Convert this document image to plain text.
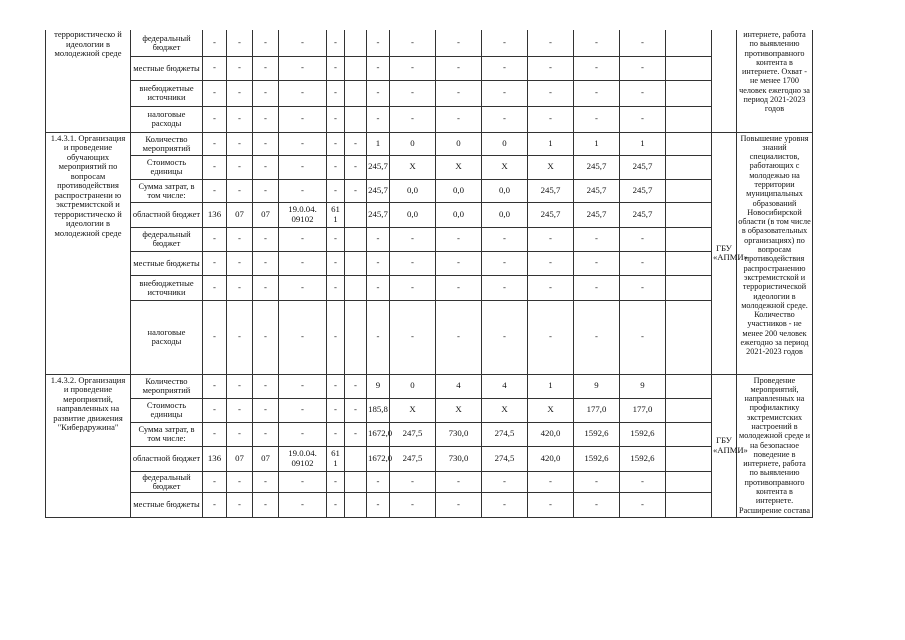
террористическо й идеологии в молодежной среде	федеральный бюджет	-	-	-	-	-		-	-	-	-	-	-	-			интернете, работа по выявлению противоправного контента в интернете. Охват - не менее 1700 человек ежегодно за период 2021-2023 годов
	местные бюджеты	-	-	-	-	-		-	-	-	-	-	-	-			
	внебюджетные источники	-	-	-	-	-		-	-	-	-	-	-	-			
	налоговые расходы	-	-	-	-	-		-	-	-	-	-	-	-			
1.4.3.1. Организация и проведение обучающих мероприятий по вопросам противодействия распространени ю экстремистской и террористическо й идеологии в молодежной среде	Количество мероприятий	-	-	-	-	-	-	1	0	0	0	1	1	1		ГБУ «АПМИ»	Повышение уровня знаний специалистов, работающих с молодежью на территории муниципальных образований Новосибирской области (в том числе в образовательных организациях) по вопросам противодействия распространению экстремистской и террористической идеологии в молодежной среде. Количество участников - не менее 200 человек ежегодно за период 2021-2023 годов
	Стоимость единицы	-	-	-	-	-	-	245,7	X	X	X	X	245,7	245,7			
	Сумма затрат, в том числе:	-	-	-	-	-	-	245,7	0,0	0,0	0,0	245,7	245,7	245,7			
	областной бюджет	136	07	07	19.0.04. 09102	61 1		245,7	0,0	0,0	0,0	245,7	245,7	245,7			
	федеральный бюджет	-	-	-	-	-		-	-	-	-	-	-	-			
	местные бюджеты	-	-	-	-	-		-	-	-	-	-	-	-			
	внебюджетные источники	-	-	-	-	-		-	-	-	-	-	-	-			
	налоговые расходы	-	-	-	-	-		-	-	-	-	-	-	-			
1.4.3.2. Организация и проведение мероприятий, направленных на развитие движения "Кибердружина"	Количество мероприятий	-	-	-	-	-	-	9	0	4	4	1	9	9		ГБУ «АПМИ»	Проведение мероприятий, направленных на профилактику экстремистских настроений в молодежной среде и на безопасное поведение в интернете, работа по выявлению противоправного контента в интернете. Расширение состава
	Стоимость единицы	-	-	-	-	-	-	185,8	X	X	X	X	177,0	177,0			
	Сумма затрат, в том числе:	-	-	-	-	-	-	1672,0	247,5	730,0	274,5	420,0	1592,6	1592,6			
	областной бюджет	136	07	07	19.0.04. 09102	61 1		1672,0	247,5	730,0	274,5	420,0	1592,6	1592,6			
	федеральный бюджет	-	-	-	-	-		-	-	-	-	-	-	-			
	местные бюджеты	-	-	-	-	-		-	-	-	-	-	-	-			
